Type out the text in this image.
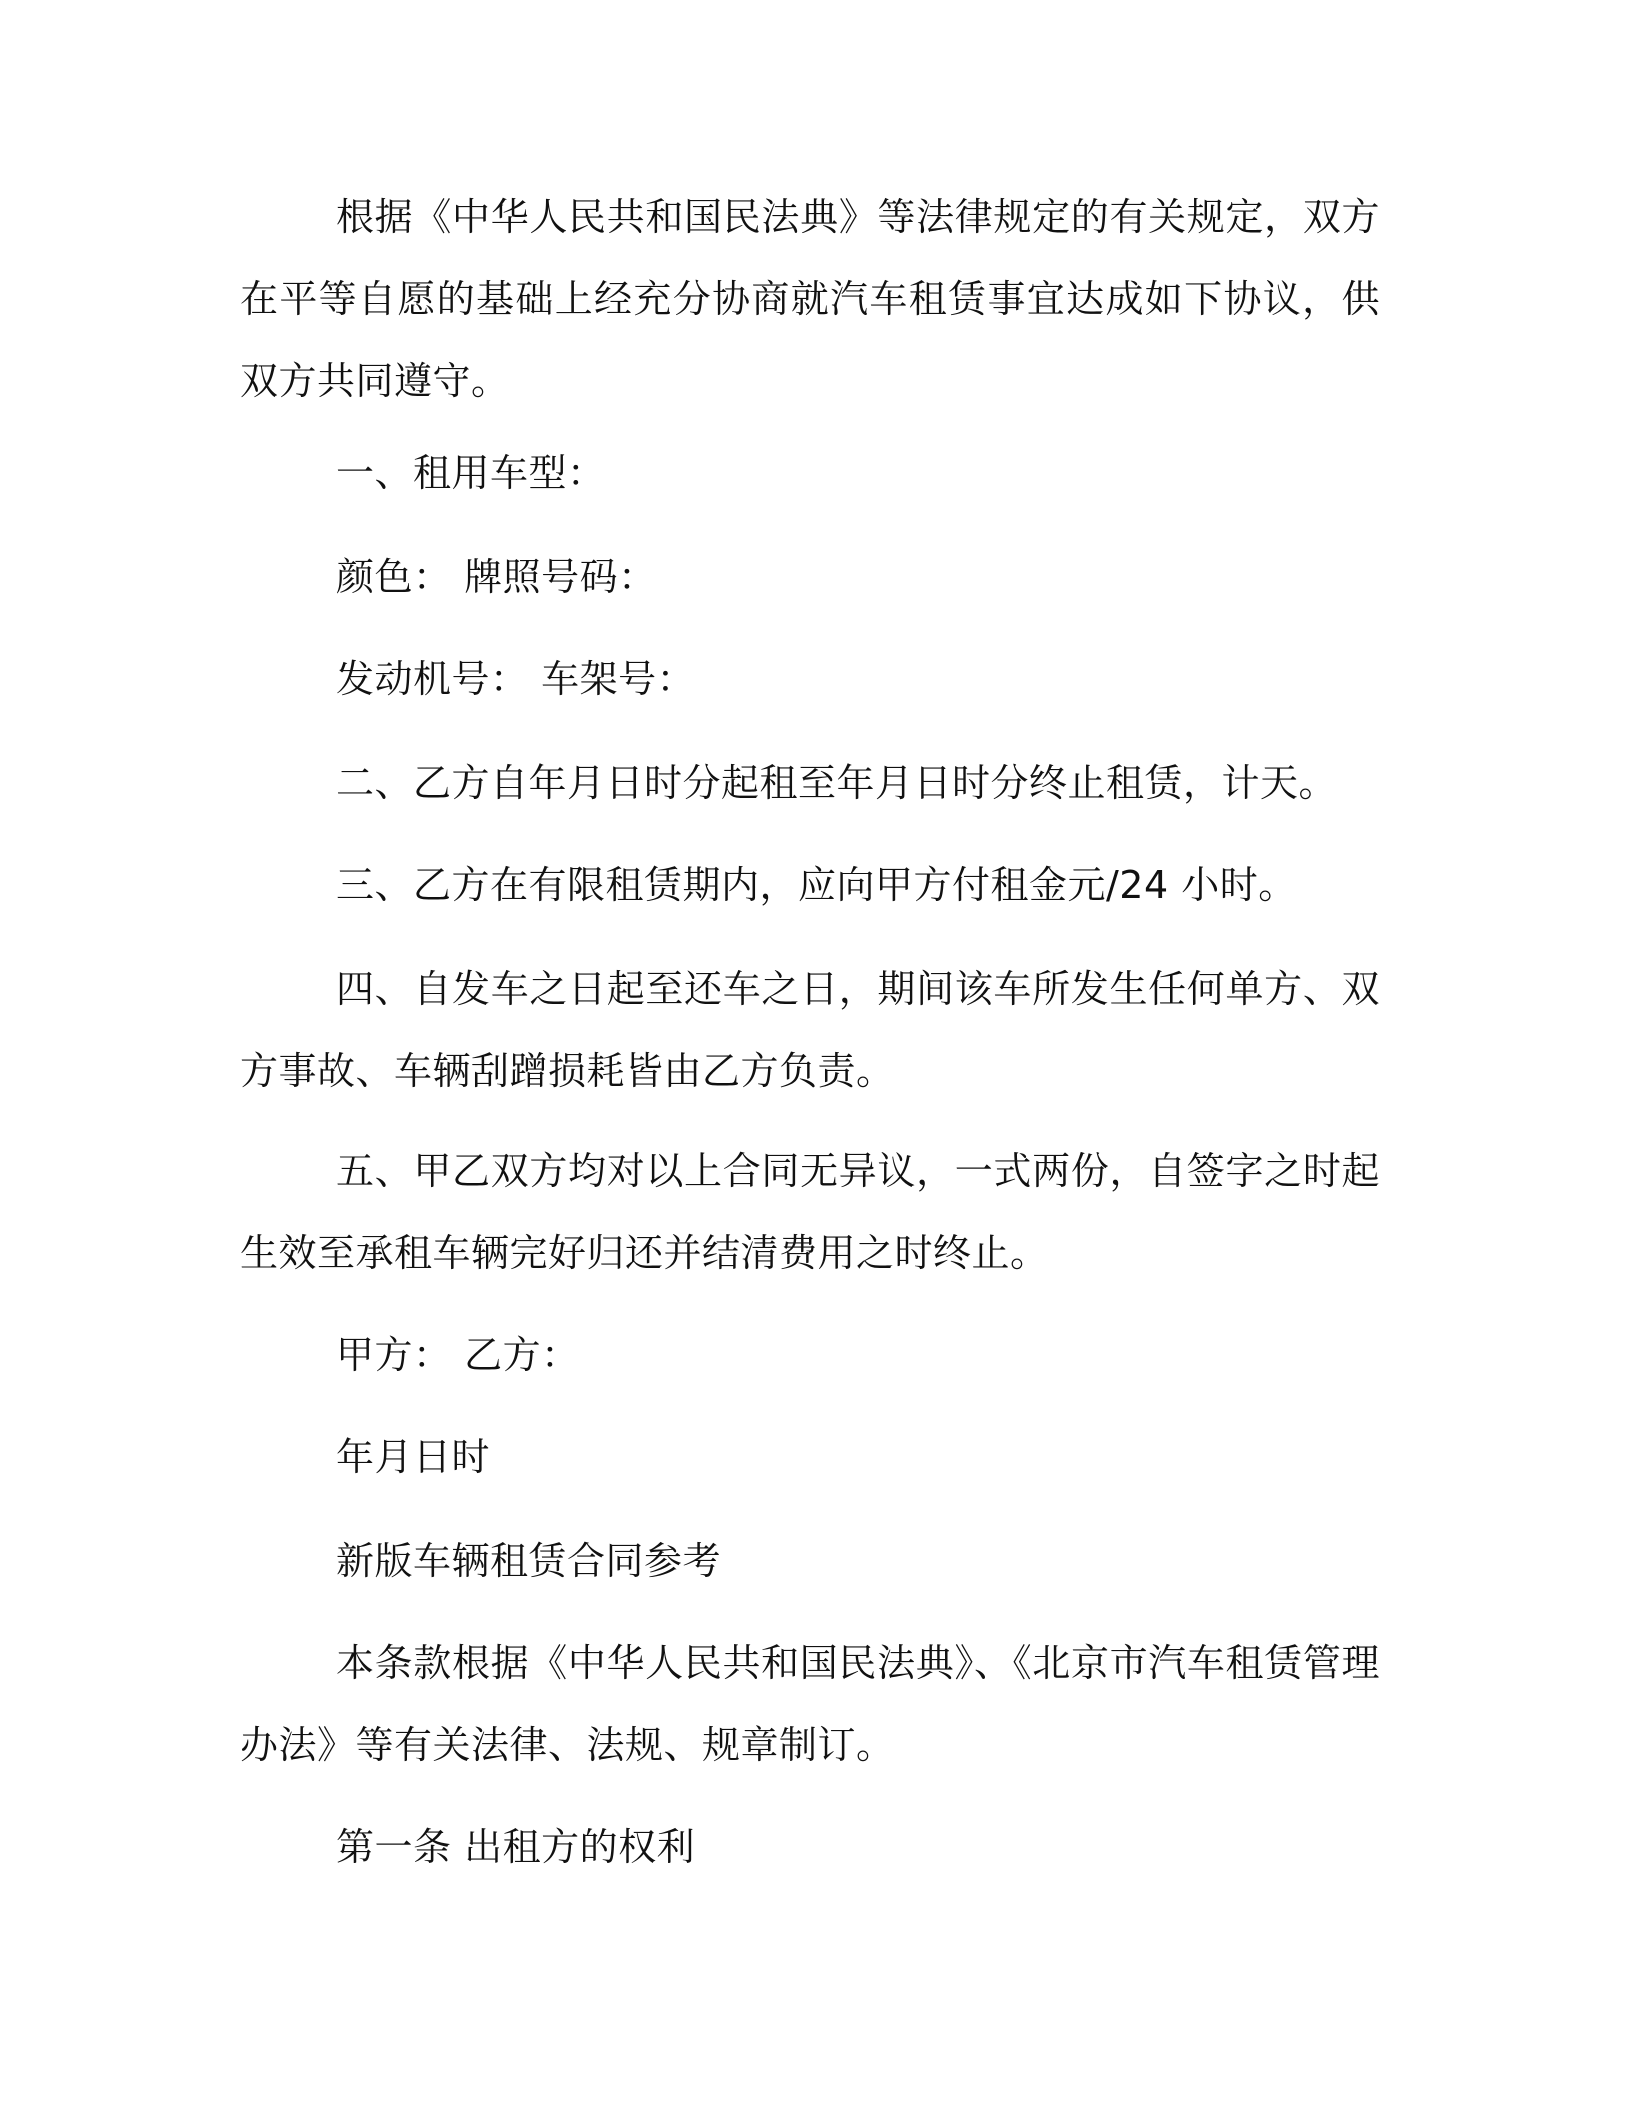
根据《中华人民共和国民法典》等法律规定的有关规定，双方在平等自愿的基础上经充分协商就汽车租赁事宜达成如下协议，供双方共同遵守。

一、租用车型：

颜色： 牌照号码：

发动机号： 车架号：

二、乙方自年月日时分起租至年月日时分终止租赁，计天。

三、乙方在有限租赁期内，应向甲方付租金元/24 小时。

四、自发车之日起至还车之日，期间该车所发生任何单方、双方事故、车辆刮蹭损耗皆由乙方负责。

五、甲乙双方均对以上合同无异议，一式两份，自签字之时起生效至承租车辆完好归还并结清费用之时终止。

甲方： 乙方：

年月日时

新版车辆租赁合同参考

本条款根据《中华人民共和国民法典》、《北京市汽车租赁管理办法》等有关法律、法规、规章制订。

第一条 出租方的权利
